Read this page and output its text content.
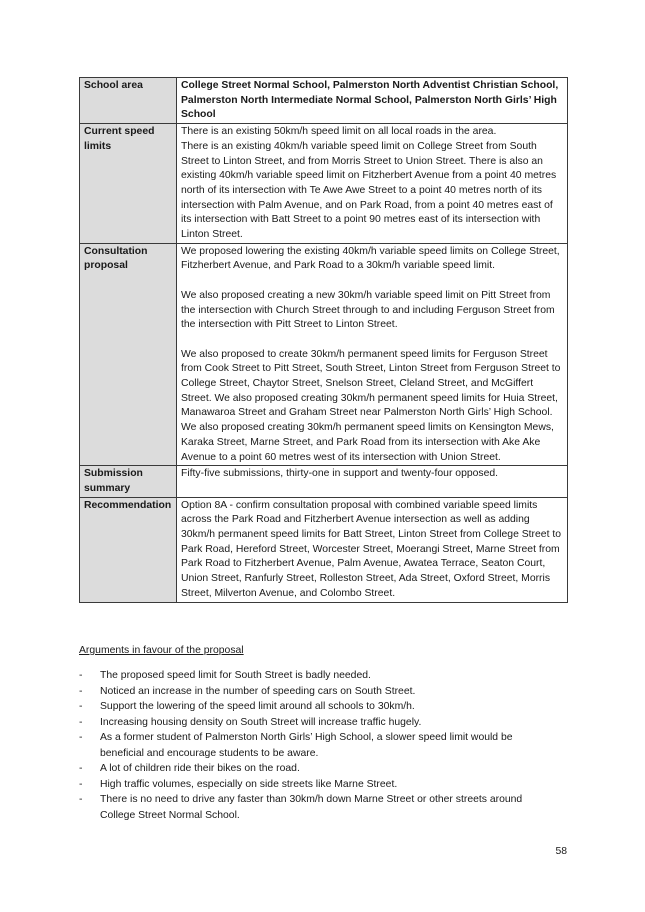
School area	College Street Normal School, Palmerston North Adventist Christian School, Palmerston North Intermediate Normal School, Palmerston North Girls’ High School
Current speed limits	There is an existing 50km/h speed limit on all local roads in the area.
There is an existing 40km/h variable speed limit on College Street from South Street to Linton Street, and from Morris Street to Union Street. There is also an existing 40km/h variable speed limit on Fitzherbert Avenue from a point 40 metres north of its intersection with Te Awe Awe Street to a point 40 metres north of its intersection with Palm Avenue, and on Park Road, from a point 40 metres east of its intersection with Batt Street to a point 90 metres east of its intersection with Linton Street.

Consultation proposal	We proposed lowering the existing 40km/h variable speed limits on College Street, Fitzherbert Avenue, and Park Road to a 30km/h variable speed limit.
We also proposed creating a new 30km/h variable speed limit on Pitt Street from the intersection with Church Street through to and including Ferguson Street from the intersection with Pitt Street to Linton Street.
We also proposed to create 30km/h permanent speed limits for Ferguson Street from Cook Street to Pitt Street, South Street, Linton Street from Ferguson Street to College Street, Chaytor Street, Snelson Street, Cleland Street, and McGiffert Street. We also proposed creating 30km/h permanent speed limits for Huia Street, Manawaroa Street and Graham Street near Palmerston North Girls’ High School. We also proposed creating 30km/h permanent speed limits on Kensington Mews, Karaka Street, Marne Street, and Park Road from its intersection with Ake Ake Avenue to a point 60 metres west of its intersection with Union Street.

Submission summary	Fifty-five submissions, thirty-one in support and twenty-four opposed.
Recommendation	Option 8A - confirm consultation proposal with combined variable speed limits across the Park Road and Fitzherbert Avenue intersection as well as adding 30km/h permanent speed limits for Batt Street, Linton Street from College Street to Park Road, Hereford Street, Worcester Street, Moerangi Street, Marne Street from Park Road to Fitzherbert Avenue, Palm Avenue, Awatea Terrace, Seaton Court, Union Street, Ranfurly Street, Rolleston Street, Ada Street, Oxford Street, Morris Street, Milverton Avenue, and Colombo Street.
Arguments in favour of the proposal
- The proposed speed limit for South Street is badly needed.
- Noticed an increase in the number of speeding cars on South Street.
- Support the lowering of the speed limit around all schools to 30km/h.
- Increasing housing density on South Street will increase traffic hugely.
- As a former student of Palmerston North Girls’ High School, a slower speed limit would be beneficial and encourage students to be aware.
- A lot of children ride their bikes on the road.
- High traffic volumes, especially on side streets like Marne Street.
- There is no need to drive any faster than 30km/h down Marne Street or other streets around College Street Normal School.
58
